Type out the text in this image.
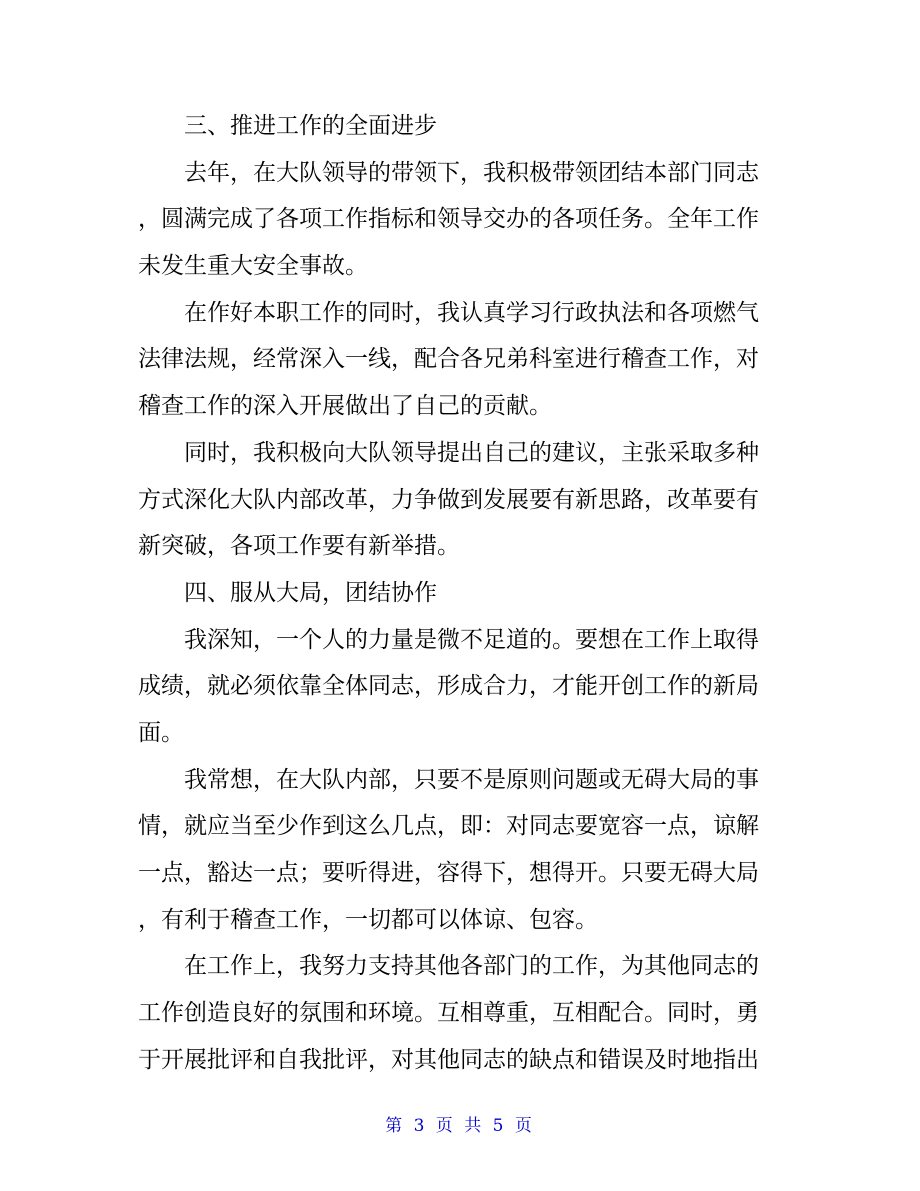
三、推进工作的全面进步
去年，在大队领导的带领下，我积极带领团结本部门同志
，圆满完成了各项工作指标和领导交办的各项任务。全年工作
未发生重大安全事故。
在作好本职工作的同时，我认真学习行政执法和各项燃气
法律法规，经常深入一线，配合各兄弟科室进行稽查工作，对
稽查工作的深入开展做出了自己的贡献。
同时，我积极向大队领导提出自己的建议，主张采取多种
方式深化大队内部改革，力争做到发展要有新思路，改革要有
新突破，各项工作要有新举措。
四、服从大局，团结协作
我深知，一个人的力量是微不足道的。要想在工作上取得
成绩，就必须依靠全体同志，形成合力，才能开创工作的新局
面。
我常想，在大队内部，只要不是原则问题或无碍大局的事
情，就应当至少作到这么几点，即：对同志要宽容一点，谅解
一点，豁达一点；要听得进，容得下，想得开。只要无碍大局
，有利于稽查工作，一切都可以体谅、包容。
在工作上，我努力支持其他各部门的工作，为其他同志的
工作创造良好的氛围和环境。互相尊重，互相配合。同时，勇
于开展批评和自我批评，对其他同志的缺点和错误及时地指出
第 3 页 共 5 页
